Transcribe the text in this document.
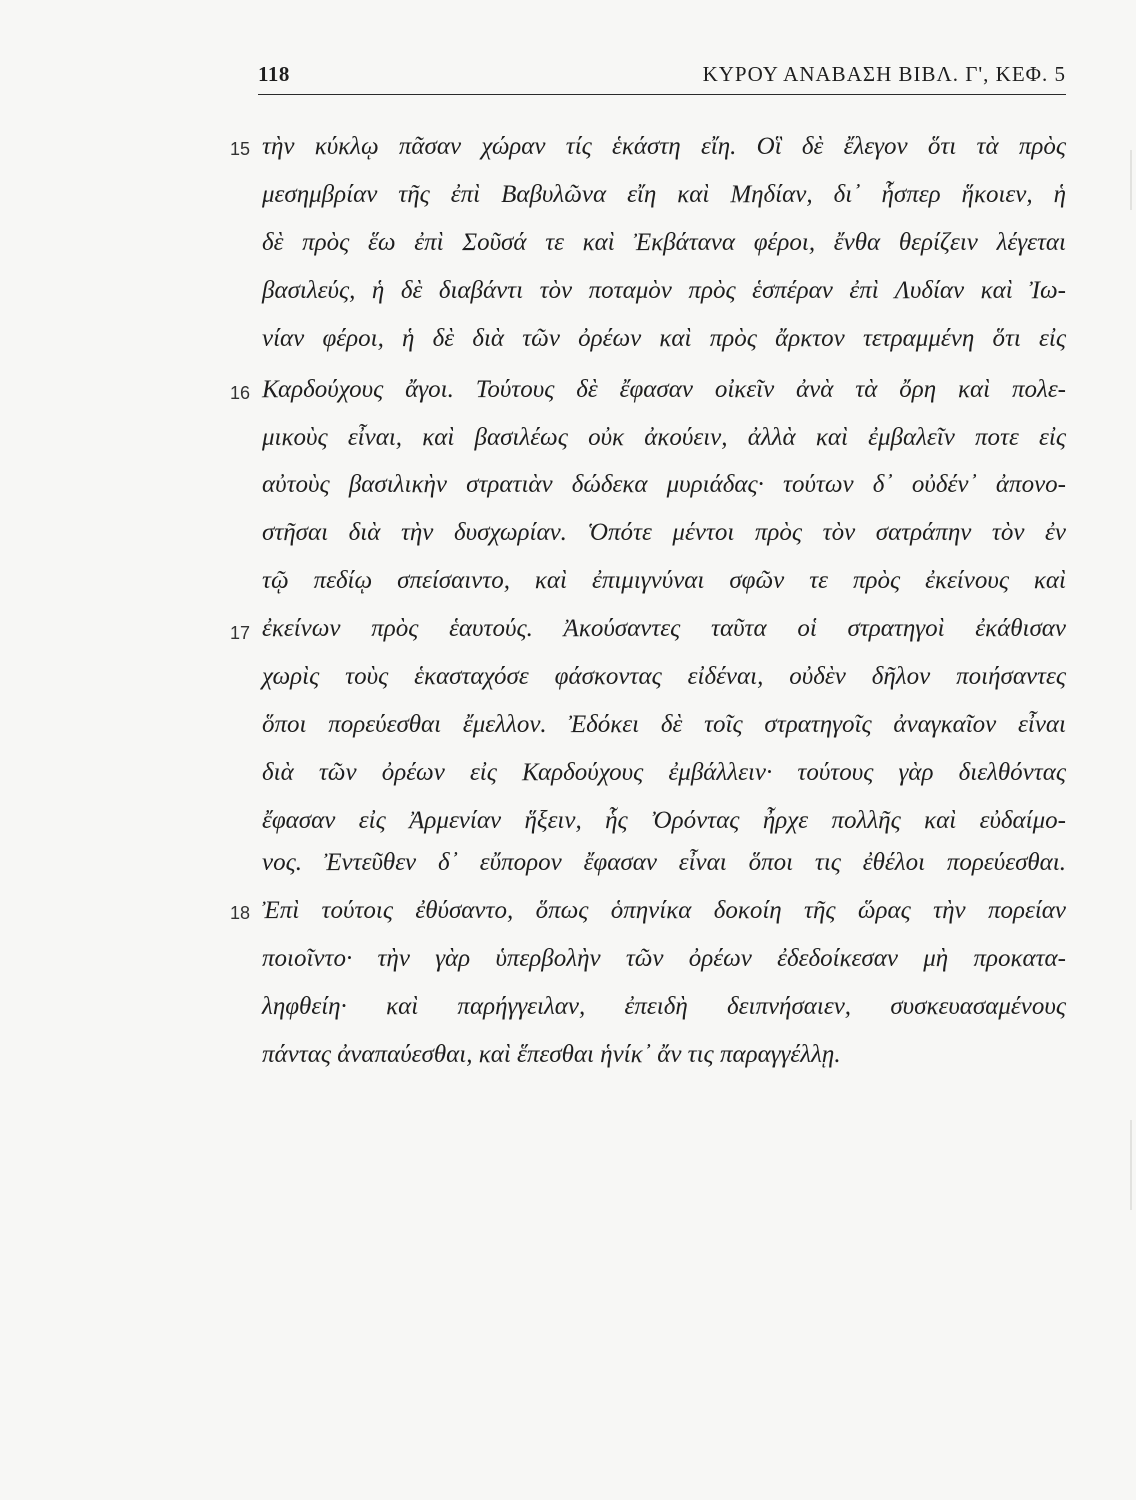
118	ΚΥΡΟΥ ΑΝΑΒΑΣΗ ΒΙΒΛ. Γ', ΚΕΦ. 5
15
16
17
18
τὴν κύκλῳ πᾶσαν χώραν τίς ἑκάστη εἴη. Οἳ δὲ ἔλεγον ὅτι τὰ πρὸς
μεσημβρίαν τῆς ἐπὶ Βαβυλῶνα εἴη καὶ Μηδίαν, δι᾽ ἧσπερ ἥκοιεν, ἡ
δὲ πρὸς ἕω ἐπὶ Σοῦσά τε καὶ Ἐκβάτανα φέροι, ἔνθα θερίζειν λέγεται
βασιλεύς, ἡ δὲ διαβάντι τὸν ποταμὸν πρὸς ἑσπέραν ἐπὶ Λυδίαν καὶ Ἰω-
νίαν φέροι, ἡ δὲ διὰ τῶν ὀρέων καὶ πρὸς ἄρκτον τετραμμένη ὅτι εἰς
Καρδούχους ἄγοι. Τούτους δὲ ἔφασαν οἰκεῖν ἀνὰ τὰ ὄρη καὶ πολε-
μικοὺς εἶναι, καὶ βασιλέως οὐκ ἀκούειν, ἀλλὰ καὶ ἐμβαλεῖν ποτε εἰς
αὐτοὺς βασιλικὴν στρατιὰν δώδεκα μυριάδας· τούτων δ᾽ οὐδέν᾽ ἀπονο-
στῆσαι διὰ τὴν δυσχωρίαν. Ὁπότε μέντοι πρὸς τὸν σατράπην τὸν ἐν
τῷ πεδίῳ σπείσαιντο, καὶ ἐπιμιγνύναι σφῶν τε πρὸς ἐκείνους καὶ
ἐκείνων πρὸς ἑαυτούς. Ἀκούσαντες ταῦτα οἱ στρατηγοὶ ἐκάθισαν
χωρὶς τοὺς ἑκασταχόσε φάσκοντας εἰδέναι, οὐδὲν δῆλον ποιήσαντες
ὅποι πορεύεσθαι ἔμελλον. Ἐδόκει δὲ τοῖς στρατηγοῖς ἀναγκαῖον εἶναι
διὰ τῶν ὀρέων εἰς Καρδούχους ἐμβάλλειν· τούτους γὰρ διελθόντας
ἔφασαν εἰς Ἀρμενίαν ἥξειν, ἧς Ὀρόντας ἦρχε πολλῆς καὶ εὐδαίμο-
νος. Ἐντεῦθεν δ᾽ εὔπορον ἔφασαν εἶναι ὅποι τις ἐθέλοι πορεύεσθαι.
Ἐπὶ τούτοις ἐθύσαντο, ὅπως ὁπηνίκα δοκοίη τῆς ὥρας τὴν πορείαν
ποιοῖντο· τὴν γὰρ ὑπερβολὴν τῶν ὀρέων ἐδεδοίκεσαν μὴ προκατα-
ληφθείη· καὶ παρήγγειλαν, ἐπειδὴ δειπνήσαιεν, συσκευασαμένους
πάντας ἀναπαύεσθαι, καὶ ἕπεσθαι ἡνίκ᾽ ἄν τις παραγγέλλῃ.
